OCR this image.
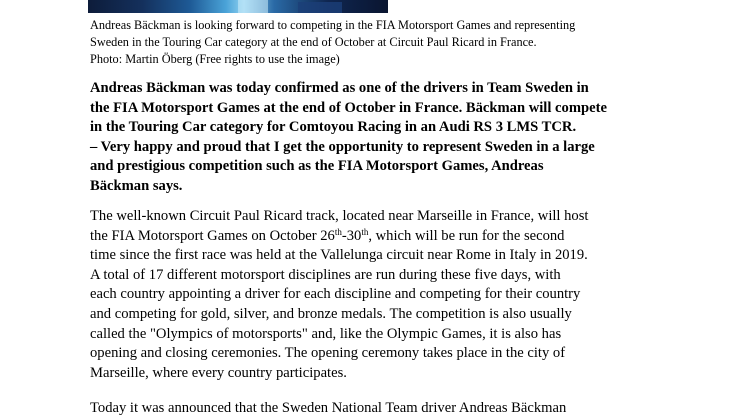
Andreas Bäckman is looking forward to competing in the FIA Motorsport Games and representing
Sweden in the Touring Car category at the end of October at Circuit Paul Ricard in France.
Photo: Martin Öberg (Free rights to use the image)
Andreas Bäckman was today confirmed as one of the drivers in Team Sweden in
the FIA Motorsport Games at the end of October in France. Bäckman will compete
in the Touring Car category for Comtoyou Racing in an Audi RS 3 LMS TCR.
– Very happy and proud that I get the opportunity to represent Sweden in a large
and prestigious competition such as the FIA Motorsport Games, Andreas
Bäckman says.
The well-known Circuit Paul Ricard track, located near Marseille in France, will host
the FIA Motorsport Games on October 26th-30th, which will be run for the second
time since the first race was held at the Vallelunga circuit near Rome in Italy in 2019.
A total of 17 different motorsport disciplines are run during these five days, with
each country appointing a driver for each discipline and competing for their country
and competing for gold, silver, and bronze medals. The competition is also usually
called the "Olympics of motorsports" and, like the Olympic Games, it is also has
opening and closing ceremonies. The opening ceremony takes place in the city of
Marseille, where every country participates.
Today it was announced that the Sweden National Team driver Andreas Bäckman
